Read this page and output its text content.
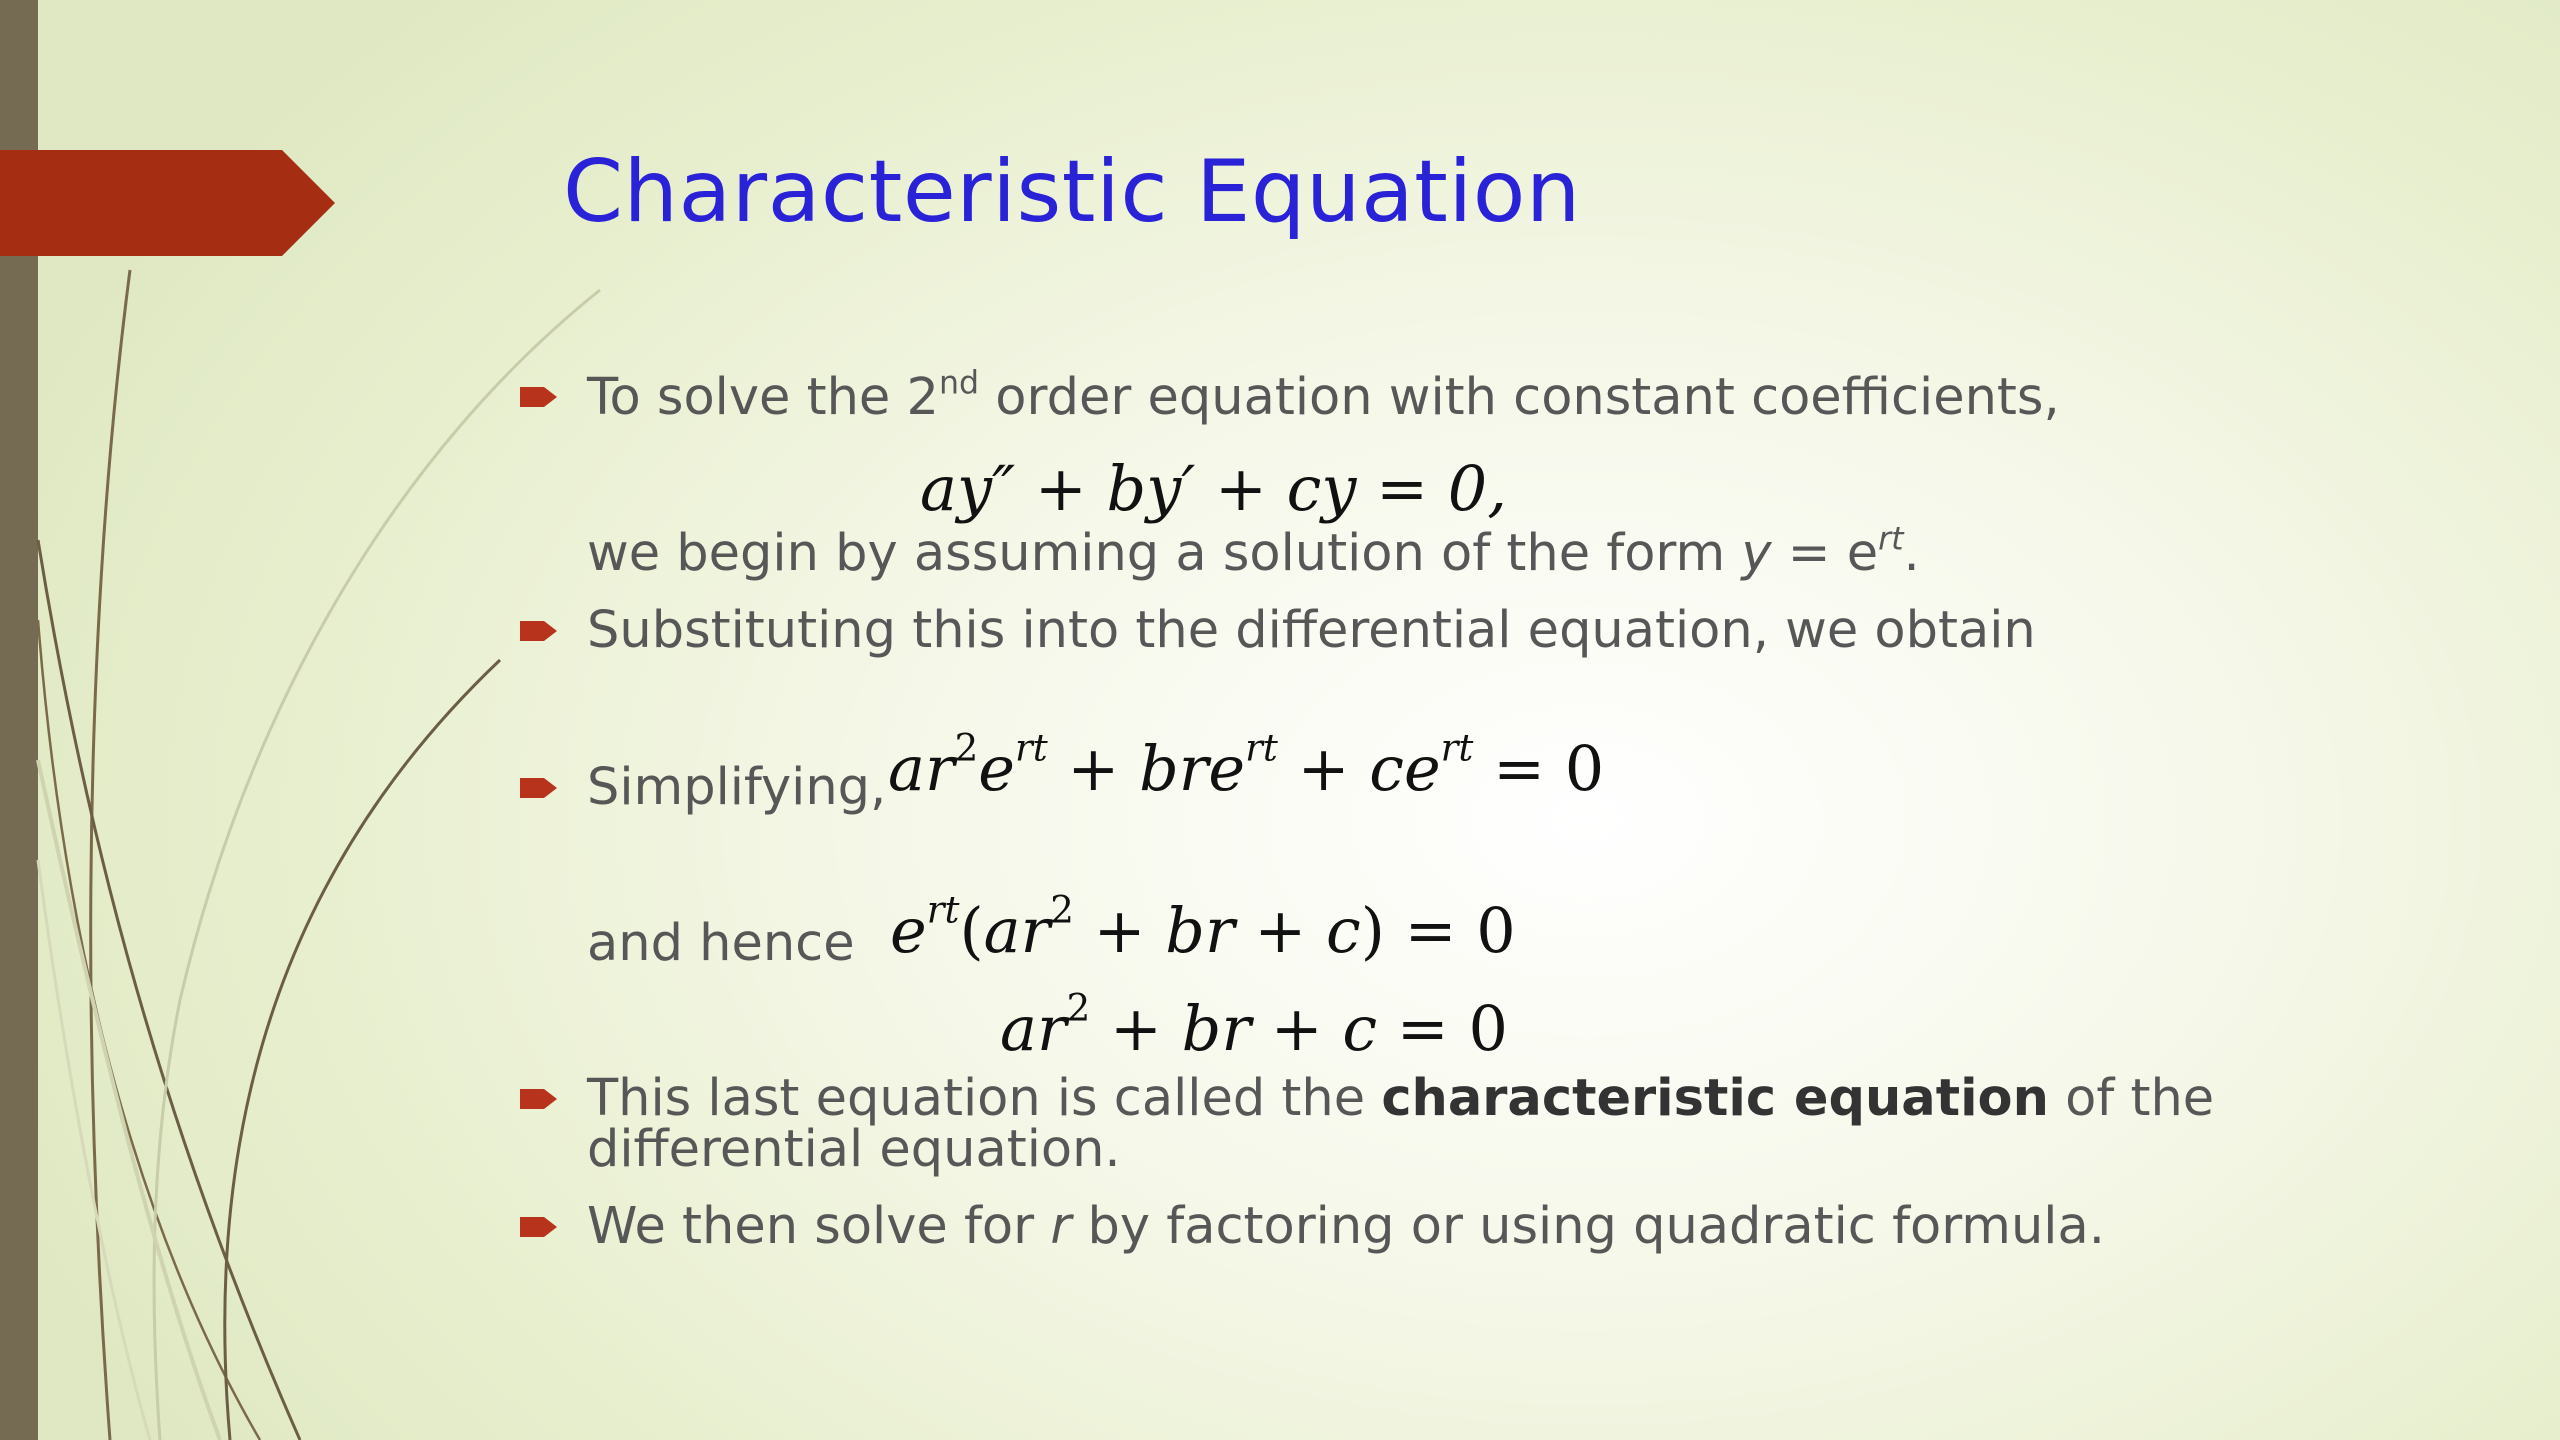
Characteristic Equation
To solve the 2nd order equation with constant coefficients,
ay″ + by′ + cy = 0,
we begin by assuming a solution of the form $y = e^{rt}$.
Substituting this into the differential equation, we obtain
Simplifying, $ar^2e^{rt} + bre^{rt} + ce^{rt} = 0$
and hence $e^{rt}(ar^2$ + br + c) = 0
$ar^2$ + br + c = 0
This last equation is called the characteristic equation of the
differential equation.
We then solve for r by factoring or using quadratic formula.
